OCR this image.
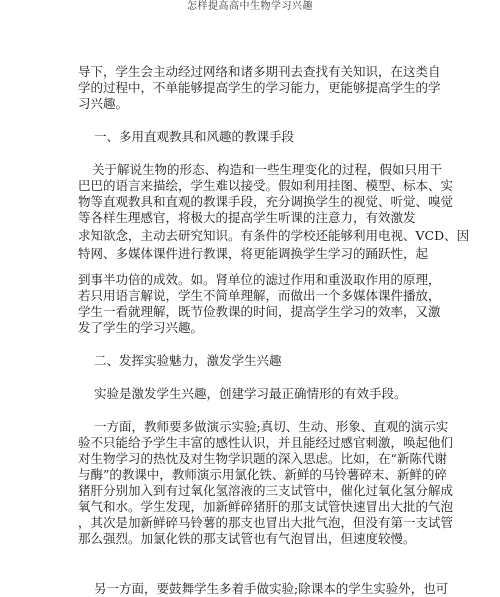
怎样提高高中生物学习兴趣
导下，学生会主动经过网络和诸多期刊去查找有关知识，在这类自
学的过程中，不单能够提高学生的学习能力，更能够提高学生的学
习兴趣。
一、多用直观教具和风趣的教课手段
关于解说生物的形态、构造和一些生理变化的过程，假如只用干
巴巴的语言来描绘，学生难以接受。假如利用挂图、模型、标本、实
物等直观教具和直观的教课手段，充分调换学生的视觉、听觉、嗅觉
等各样生理感官，将极大的提高学生听课的注意力，有效激发
求知欲念，主动去研究知识。有条件的学校还能够利用电视、VCD、因
特网、多媒体课件进行教课，将更能调换学生学习的踊跃性，起
到事半功倍的成效。如。肾单位的滤过作用和重汲取作用的原理，
若只用语言解说，学生不简单理解，而做出一个多媒体课件播放，
学生一看就理解，既节俭教课的时间，提高学生学习的效率，又激
发了学生的学习兴趣。
二、发挥实验魅力，激发学生兴趣
实验是激发学生兴趣，创建学习最正确情形的有效手段。
一方面，教师要多做演示实验;真切、生动、形象、直观的演示实
验不只能给予学生丰富的感性认识，并且能经过感官刺激，唤起他们
对生物学习的热忱及对生物学识题的深入思虑。比如，在“新陈代谢
与酶”的教课中，教师演示用氯化铁、新鲜的马铃薯碎末、新鲜的碎
猪肝分别加入到有过氧化氢溶液的三支试管中，催化过氧化氢分解成
氧气和水。学生发现，加新鲜碎猪肝的那支试管快速冒出大批的气泡
，其次是加新鲜碎马铃薯的那支也冒出大批气泡，但没有第一支试管
那么强烈。加氯化铁的那支试管也有气泡冒出，但速度较慢。
另一方面，要鼓舞学生多着手做实验;除课本的学生实验外，也可
